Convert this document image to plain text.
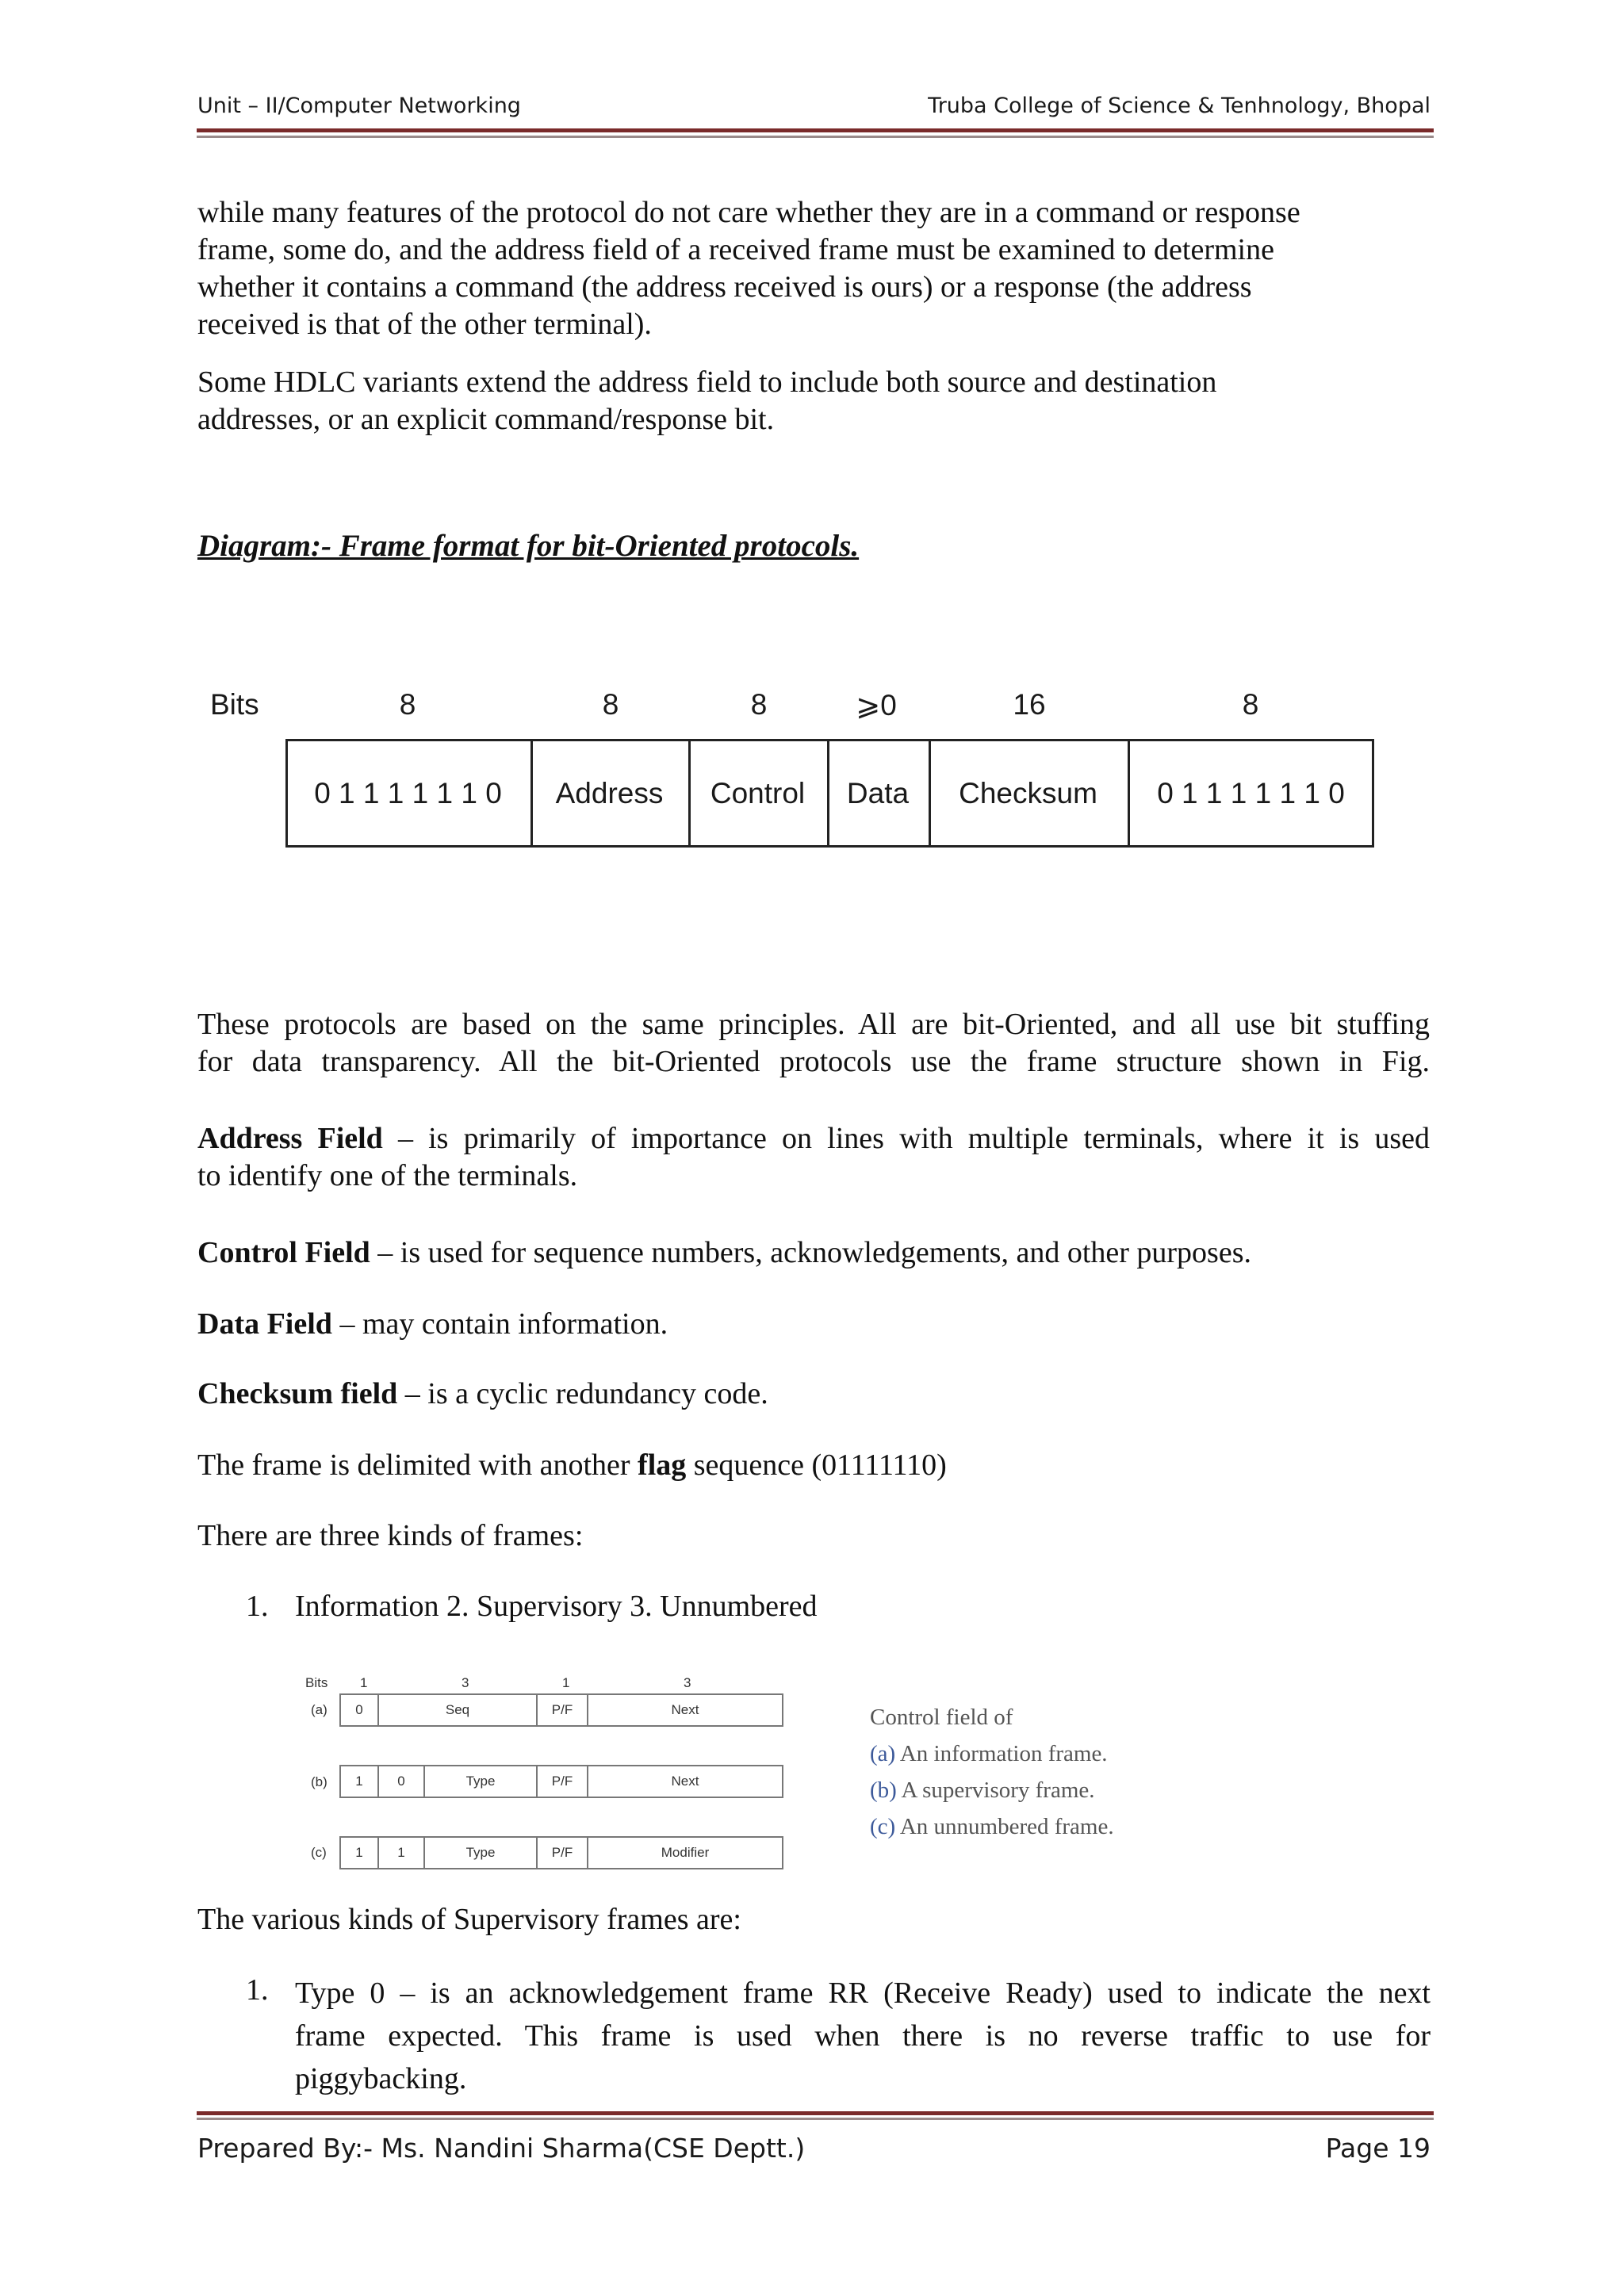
Unit – II/Computer Networking	Truba College of Science & Tenhnology, Bhopal
while many features of the protocol do not care whether they are in a command or response
frame, some do, and the address field of a received frame must be examined to determine
whether it contains a command (the address received is ours) or a response (the address
received is that of the other terminal).
Some HDLC variants extend the address field to include both source and destination
addresses, or an explicit command/response bit.
Diagram:- Frame format for bit-Oriented protocols.
Bits	8	8	8	⩾0	16	8
0 1 1 1 1 1 1 0	Address	Control	Data	Checksum	0 1 1 1 1 1 1 0
These protocols are based on the same principles. All are bit-Oriented, and all use bit stuffing
for data transparency. All the bit-Oriented protocols use the frame structure shown in Fig.
Address Field – is primarily of importance on lines with multiple terminals, where it is used
to identify one of the terminals.
Control Field – is used for sequence numbers, acknowledgements, and other purposes.
Data Field – may contain information.
Checksum field – is a cyclic redundancy code.
The frame is delimited with another flag sequence (01111110)
There are three kinds of frames:
1. Information 2. Supervisory 3. Unnumbered
Bits 1	3	1	3
(a)	0	Seq	P/F	Next
(b)	1	0	Type	P/F	Next
(c)	1	1	Type	P/F	Modifier
Control field of
(a) An information frame.
(b) A supervisory frame.
(c) An unnumbered frame.
The various kinds of Supervisory frames are:
1. Type 0 – is an acknowledgement frame RR (Receive Ready) used to indicate the next
frame expected. This frame is used when there is no reverse traffic to use for
piggybacking.
Prepared By:- Ms. Nandini Sharma(CSE Deptt.)	Page 19
